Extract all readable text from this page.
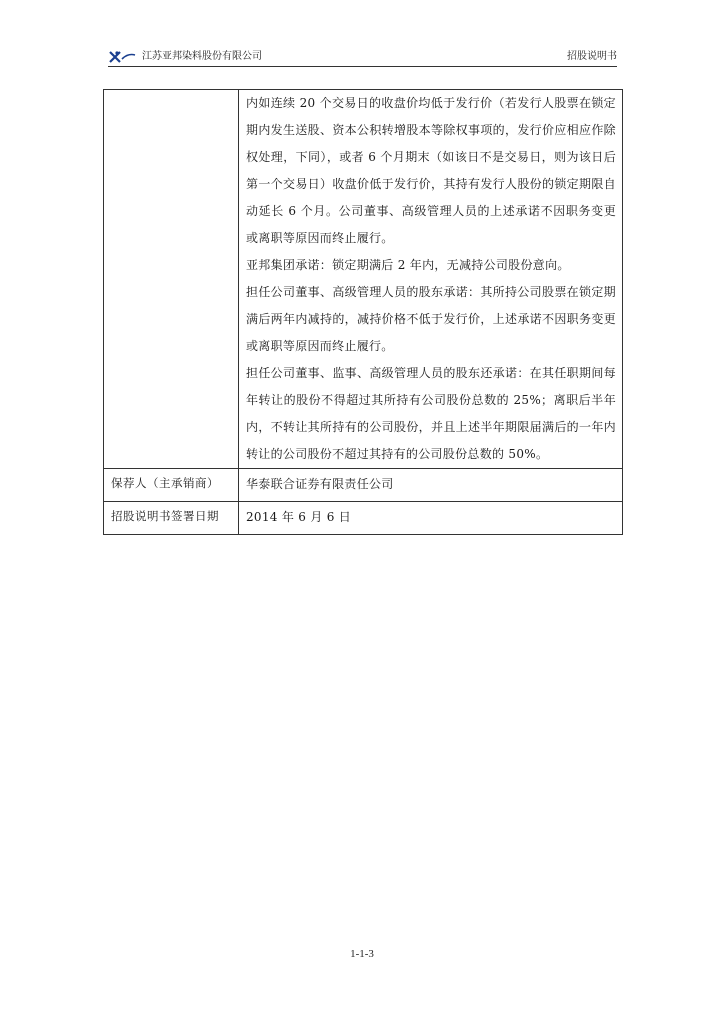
江苏亚邦染料股份有限公司	招股说明书

	内如连续 20 个交易日的收盘价均低于发行价（若发行人股票在锁定期内发生送股、资本公积转增股本等除权事项的，发行价应相应作除权处理，下同），或者 6 个月期末（如该日不是交易日，则为该日后第一个交易日）收盘价低于发行价，其持有发行人股份的锁定期限自动延长 6 个月。公司董事、高级管理人员的上述承诺不因职务变更或离职等原因而终止履行。

亚邦集团承诺：锁定期满后 2 年内，无减持公司股份意向。

担任公司董事、高级管理人员的股东承诺：其所持公司股票在锁定期满后两年内减持的，减持价格不低于发行价，上述承诺不因职务变更或离职等原因而终止履行。

担任公司董事、监事、高级管理人员的股东还承诺：在其任职期间每年转让的股份不得超过其所持有公司股份总数的 25%；离职后半年内，不转让其所持有的公司股份，并且上述半年期限届满后的一年内转让的公司股份不超过其持有的公司股份总数的 50%。

保荐人（主承销商）	华泰联合证券有限责任公司

招股说明书签署日期	2014 年 6 月 6 日

1-1-3
